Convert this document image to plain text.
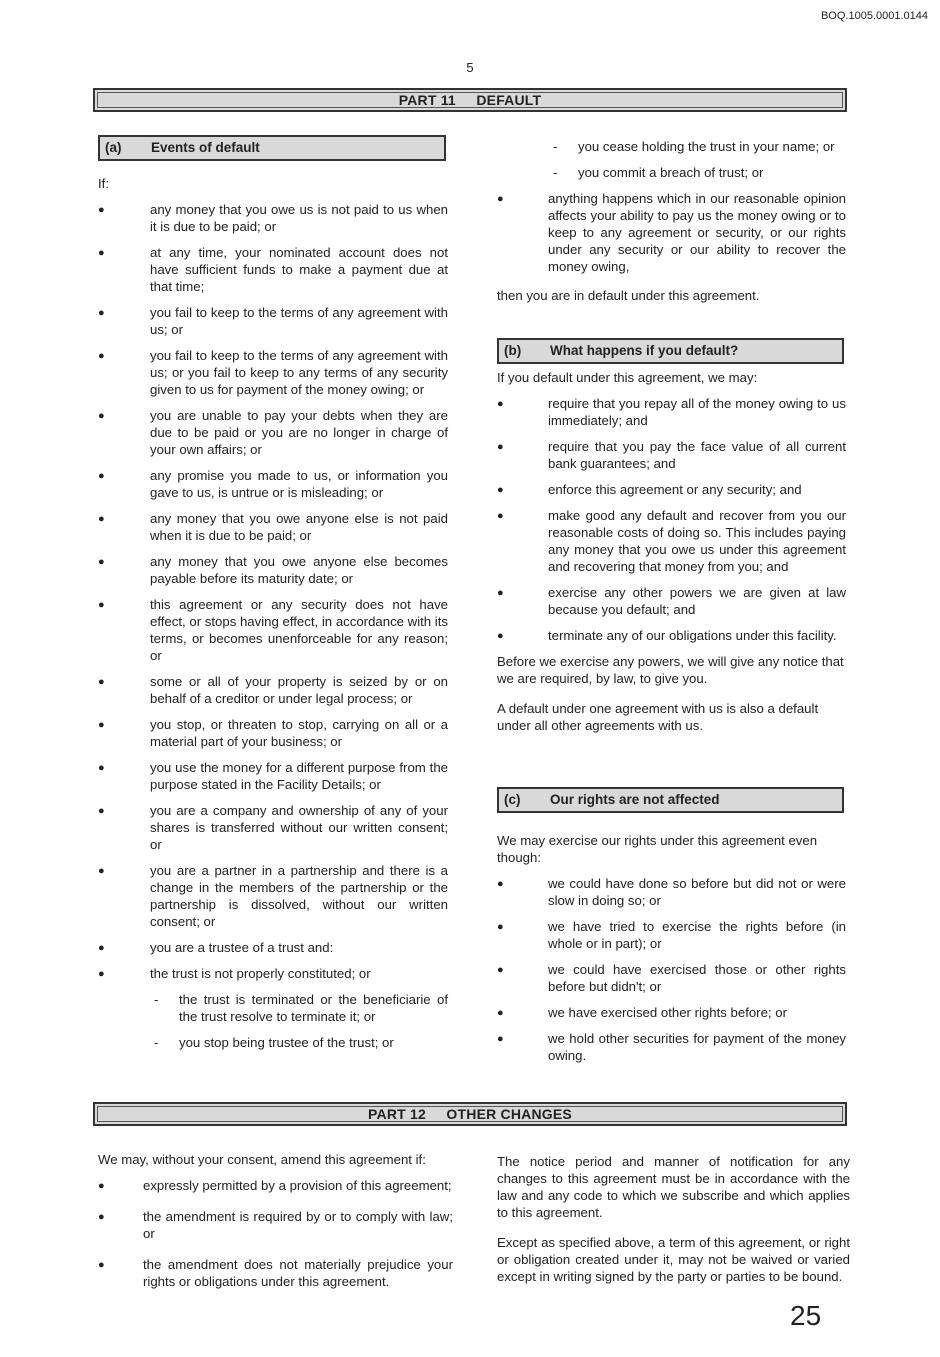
BOQ.1005.0001.0144
5
PART 11     DEFAULT
(a) Events of default

If:

●	any money that you owe us is not paid to us when it is due to be paid; or
●	at any time, your nominated account does not have sufficient funds to make a payment due at that time;
●	you fail to keep to the terms of any agreement with us; or
●	you fail to keep to the terms of any agreement with us; or you fail to keep to any terms of any security given to us for payment of the money owing; or
●	you are unable to pay your debts when they are due to be paid or you are no longer in charge of your own affairs; or
●	any promise you made to us, or information you gave to us, is untrue or is misleading; or
●	any money that you owe anyone else is not paid when it is due to be paid; or
●	any money that you owe anyone else becomes payable before its maturity date; or
●	this agreement or any security does not have effect, or stops having effect, in accordance with its terms, or becomes unenforceable for any reason; or
●	some or all of your property is seized by or on behalf of a creditor or under legal process; or
●	you stop, or threaten to stop, carrying on all or a material part of your business; or
●	you use the money for a different purpose from the purpose stated in the Facility Details; or
●	you are a company and ownership of any of your shares is transferred without our written consent; or
●	you are a partner in a partnership and there is a change in the members of the partnership or the partnership is dissolved, without our written consent; or
●	you are a trustee of a trust and:
●	the trust is not properly constituted; or
- the trust is terminated or the beneficiarie of the trust resolve to terminate it; or
- you stop being trustee of the trust; or
- you cease holding the trust in your name; or
- you commit a breach of trust; or
●	anything happens which in our reasonable opinion affects your ability to pay us the money owing or to keep to any agreement or security, or our rights under any security or our ability to recover the money owing,

then you are in default under this agreement.

(b) What happens if you default?

If you default under this agreement, we may:

●	require that you repay all of the money owing to us immediately; and
●	require that you pay the face value of all current bank guarantees; and
●	enforce this agreement or any security; and
●	make good any default and recover from you our reasonable costs of doing so. This includes paying any money that you owe us under this agreement and recovering that money from you; and
●	exercise any other powers we are given at law because you default; and
●	terminate any of our obligations under this facility.

Before we exercise any powers, we will give any notice that we are required, by law, to give you.

A default under one agreement with us is also a default under all other agreements with us.

(c) Our rights are not affected

We may exercise our rights under this agreement even though:

●	we could have done so before but did not or were slow in doing so; or
●	we have tried to exercise the rights before (in whole or in part); or
●	we could have exercised those or other rights before but didn't; or
●	we have exercised other rights before; or
●	we hold other securities for payment of the money owing.
PART 12     OTHER CHANGES

We may, without your consent, amend this agreement if:

●	expressly permitted by a provision of this agreement;
●	the amendment is required by or to comply with law; or
●	the amendment does not materially prejudice your rights or obligations under this agreement.

The notice period and manner of notification for any changes to this agreement must be in accordance with the law and any code to which we subscribe and which applies to this agreement.

Except as specified above, a term of this agreement, or right or obligation created under it, may not be waived or varied except in writing signed by the party or parties to be bound.

25
